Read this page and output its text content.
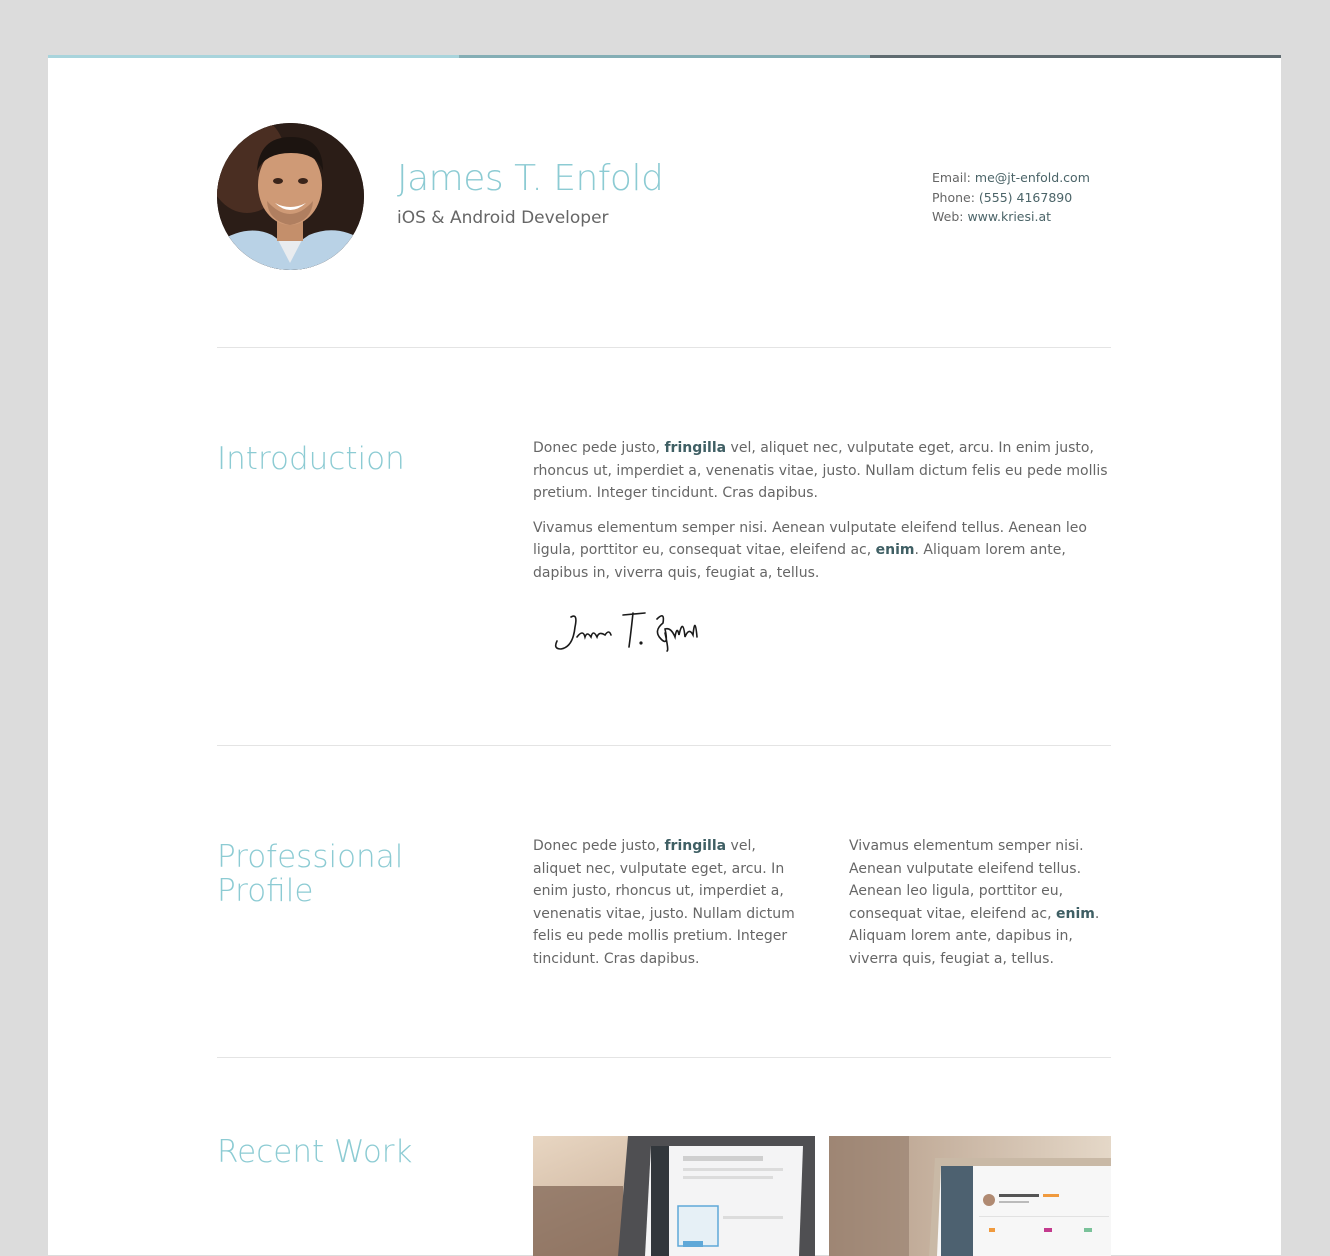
James T. Enfold
iOS & Android Developer
Email: me@jt-enfold.com
Phone: (555) 4167890
Web: www.kriesi.at
Introduction	Donec pede justo, fringilla vel, aliquet nec, vulputate eget, arcu. In enim justo, rhoncus ut, imperdiet a, venenatis vitae, justo. Nullam dictum felis eu pede mollis pretium. Integer tincidunt. Cras dapibus.

Vivamus elementum semper nisi. Aenean vulputate eleifend tellus. Aenean leo ligula, porttitor eu, consequat vitae, eleifend ac, enim. Aliquam lorem ante, dapibus in, viverra quis, feugiat a, tellus.

Professional
Profile

Donec pede justo, fringilla vel, aliquet nec, vulputate eget, arcu. In enim justo, rhoncus ut, imperdiet a, venenatis vitae, justo. Nullam dictum felis eu pede mollis pretium. Integer tincidunt. Cras dapibus.

Vivamus elementum semper nisi. Aenean vulputate eleifend tellus. Aenean leo ligula, porttitor eu, consequat vitae, eleifend ac, enim. Aliquam lorem ante, dapibus in, viverra quis, feugiat a, tellus.

Recent Work
